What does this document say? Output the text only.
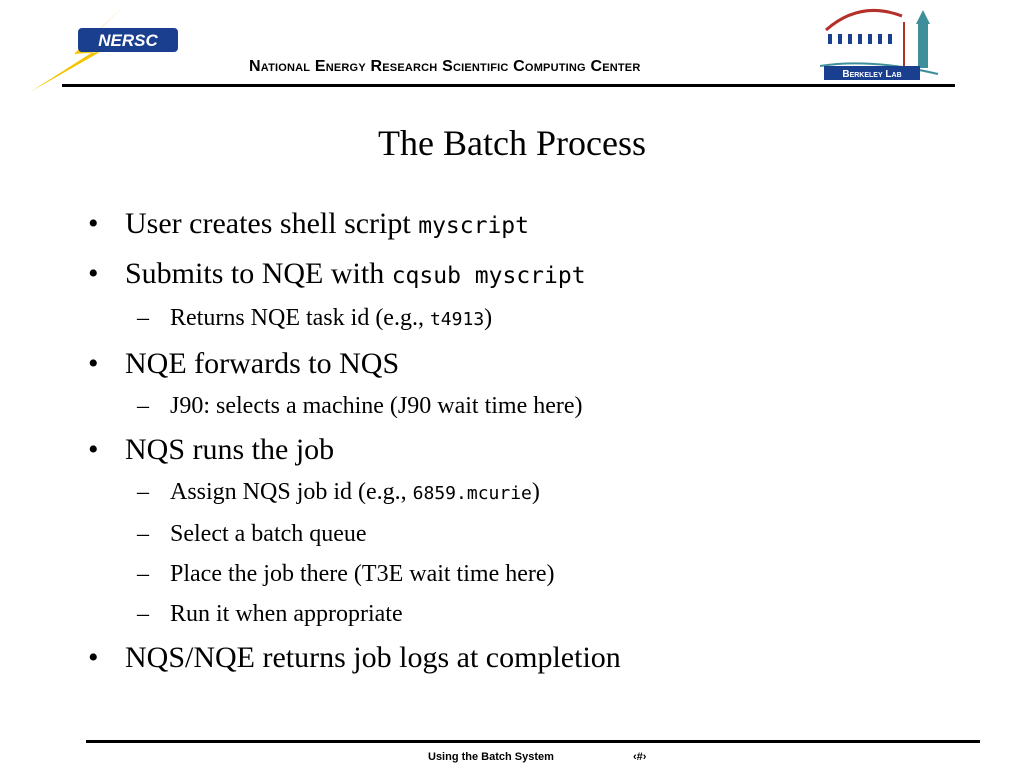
NERSC
National Energy Research Scientific Computing Center	Berkeley Lab
The Batch Process
• User creates shell script myscript
• Submits to NQE with cqsub myscript
– Returns NQE task id (e.g., t4913)
• NQE forwards to NQS
– J90: selects a machine (J90 wait time here)
• NQS runs the job
– Assign NQS job id (e.g., 6859.mcurie)
– Select a batch queue
– Place the job there (T3E wait time here)
– Run it when appropriate
• NQS/NQE returns job logs at completion
Using the Batch System	‹#›
